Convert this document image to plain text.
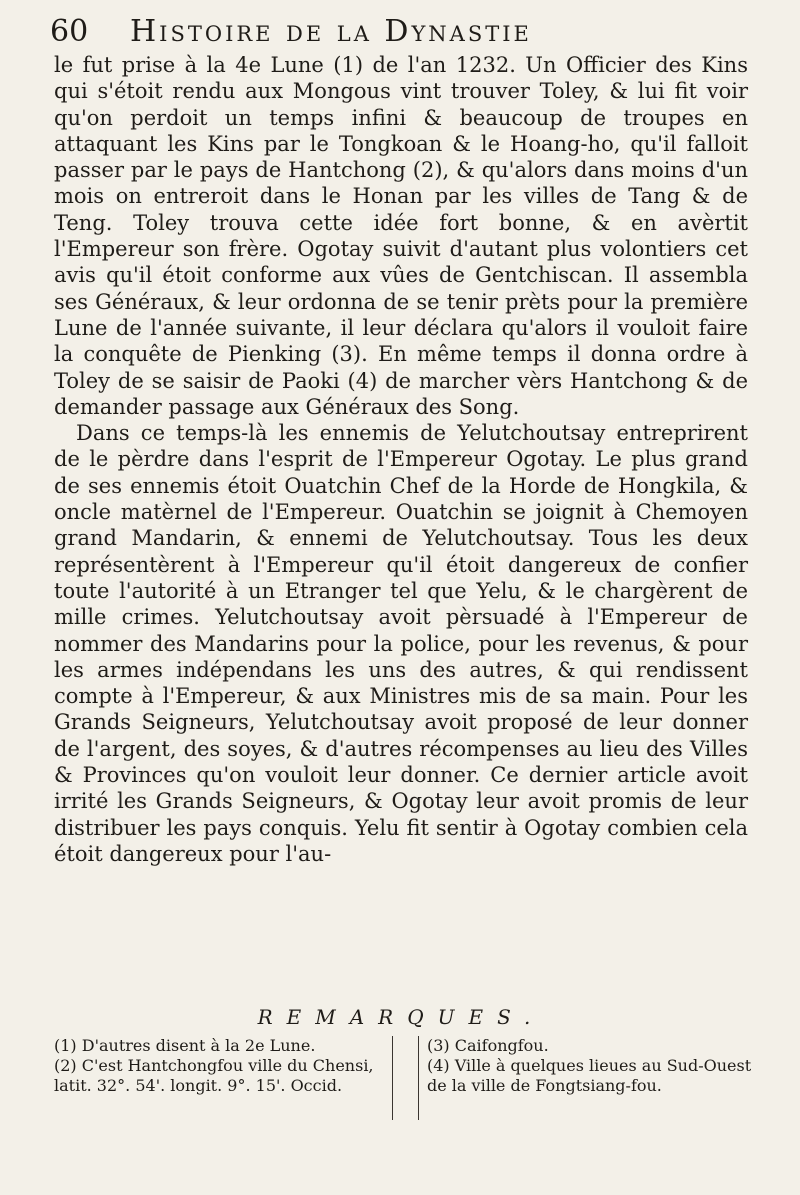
60 Histoire de la Dynastie

le fut prise à la 4e Lune (1) de l'an 1232. Un Officier des Kins qui s'étoit rendu aux Mongous vint trouver Toley, & lui fit voir qu'on perdoit un temps infini & beaucoup de troupes en attaquant les Kins par le Tongkoan & le Hoang-ho, qu'il falloit passer par le pays de Hantchong (2), & qu'alors dans moins d'un mois on entreroit dans le Honan par les villes de Tang & de Teng. Toley trouva cette idée fort bonne, & en avèrtit l'Empereur son frère. Ogotay suivit d'autant plus volontiers cet avis qu'il étoit conforme aux vûes de Gentchiscan. Il assembla ses Généraux, & leur ordonna de se tenir prèts pour la première Lune de l'année suivante, il leur déclara qu'alors il vouloit faire la conquête de Pienking (3). En même temps il donna ordre à Toley de se saisir de Paoki (4) de marcher vèrs Hantchong & de demander passage aux Généraux des Song.

Dans ce temps-là les ennemis de Yelutchoutsay entreprirent de le pèrdre dans l'esprit de l'Empereur Ogotay. Le plus grand de ses ennemis étoit Ouatchin Chef de la Horde de Hongkila, & oncle matèrnel de l'Empereur. Ouatchin se joignit à Chemoyen grand Mandarin, & ennemi de Yelutchoutsay. Tous les deux représentèrent à l'Empereur qu'il étoit dangereux de confier toute l'autorité à un Etranger tel que Yelu, & le chargèrent de mille crimes. Yelutchoutsay avoit pèrsuadé à l'Empereur de nommer des Mandarins pour la police, pour les revenus, & pour les armes indépendans les uns des autres, & qui rendissent compte à l'Empereur, & aux Ministres mis de sa main. Pour les Grands Seigneurs, Yelutchoutsay avoit proposé de leur donner de l'argent, des soyes, & d'autres récompenses au lieu des Villes & Provinces qu'on vouloit leur donner. Ce dernier article avoit irrité les Grands Seigneurs, & Ogotay leur avoit promis de leur distribuer les pays conquis. Yelu fit sentir à Ogotay combien cela étoit dangereux pour l'au-

REMARQUES.

(1) D'autres disent à la 2e Lune.

(2) C'est Hantchongfou ville du Chensi, latit. 32°. 54'. longit. 9°. 15'. Occid.

(3) Caifongfou.

(4) Ville à quelques lieues au Sud-Ouest de la ville de Fongtsiang-fou.
